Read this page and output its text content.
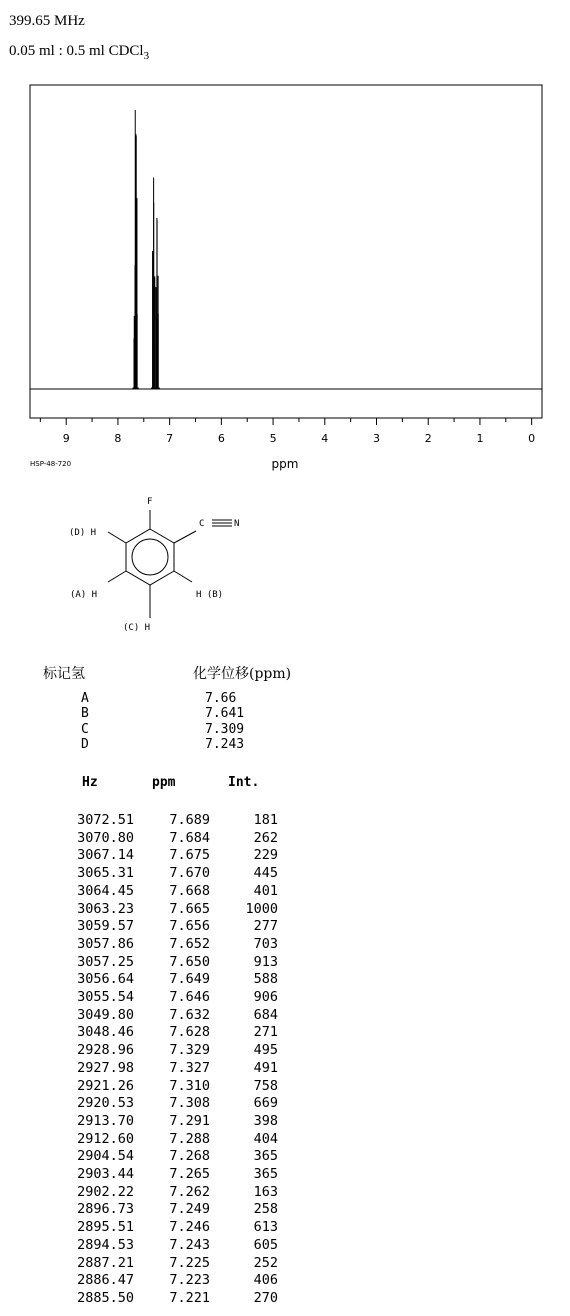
399.65 MHz
0.05 ml : 0.5 ml CDCl$_3$
9	8	7	6	5	4	3	2	1	0
ppm
HSP-48-720
F
C	N
(D) H
(A) H	H (B)
(C) H
标记氢	化学位移(ppm)
A	7.66
B	7.641
C	7.309
D	7.243
Hz	ppm	Int.
3072.51	7.689	181
3070.80	7.684	262
3067.14	7.675	229
3065.31	7.670	445
3064.45	7.668	401
3063.23	7.665	1000
3059.57	7.656	277
3057.86	7.652	703
3057.25	7.650	913
3056.64	7.649	588
3055.54	7.646	906
3049.80	7.632	684
3048.46	7.628	271
2928.96	7.329	495
2927.98	7.327	491
2921.26	7.310	758
2920.53	7.308	669
2913.70	7.291	398
2912.60	7.288	404
2904.54	7.268	365
2903.44	7.265	365
2902.22	7.262	163
2896.73	7.249	258
2895.51	7.246	613
2894.53	7.243	605
2887.21	7.225	252
2886.47	7.223	406
2885.50	7.221	270
